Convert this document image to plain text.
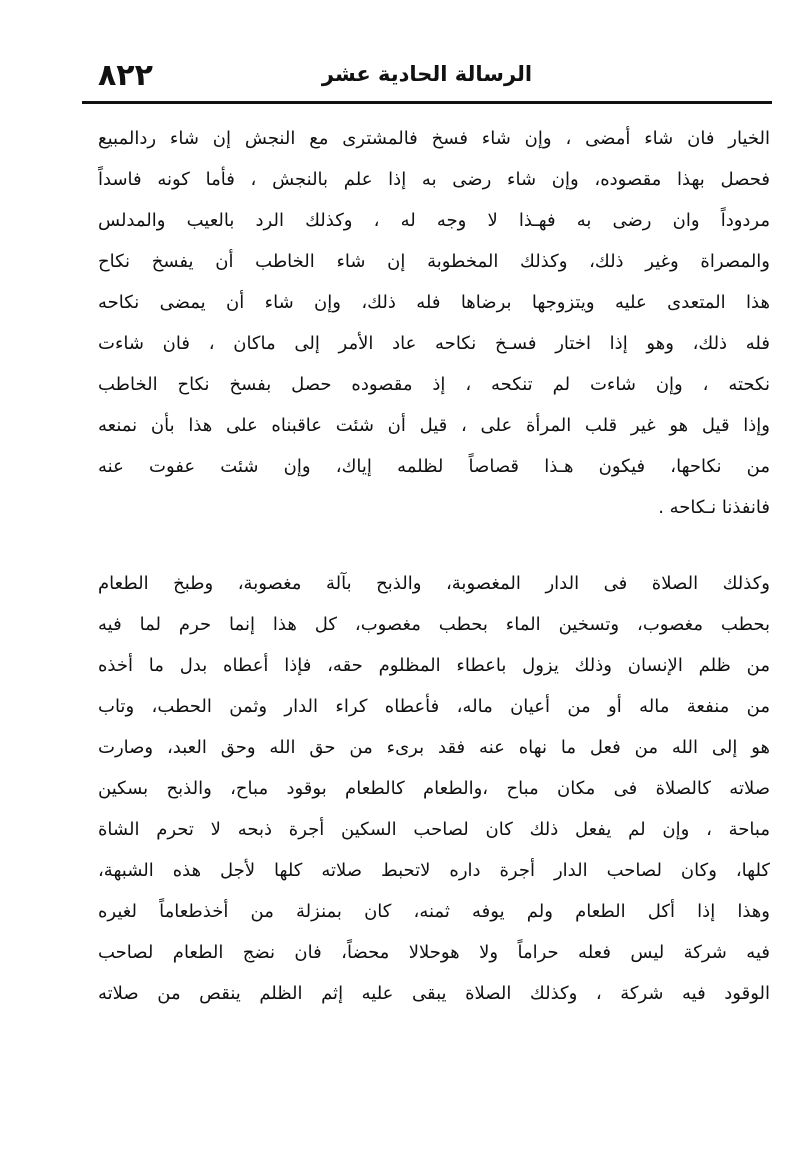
٢٢٨	الرسالة الحادية عشر
الخيار فان شاء أمضى ، وإن شاء فسخ فالمشترى مع النجش إن شاء ردالمبيع
فحصل بهذا مقصوده، وإن شاء رضى به إذا علم بالنجش ، فأما كونه فاسداً
مردوداً وان رضى به فهـذا لا وجه له ، وكذلك الرد بالعيب والمدلس
والمصراة وغير ذلك، وكذلك المخطوبة إن شاء الخاطب أن يفسخ نكاح
هذا المتعدى عليه ويتزوجها برضاها فله ذلك، وإن شاء أن يمضى نكاحه
فله ذلك، وهو إذا اختار فسـخ نكاحه عاد الأمر إلى ماكان ، فان شاءت
نكحته ، وإن شاءت لم تنكحه ، إذ مقصوده حصل بفسخ نكاح الخاطب
وإذا قيل هو غير قلب المرأة على ، قيل أن شئت عاقبناه على هذا بأن نمنعه
من نكاحها، فيكون هـذا قصاصاً لظلمه إياك، وإن شئت عفوت عنه
فانفذنا نـكاحه .
وكذلك الصلاة فى الدار المغصوبة، والذبح بآلة مغصوبة، وطبخ الطعام
بحطب مغصوب، وتسخين الماء بحطب مغصوب، كل هذا إنما حرم لما فيه
من ظلم الإنسان وذلك يزول باعطاء المظلوم حقه، فإذا أعطاه بدل ما أخذه
من منفعة ماله أو من أعيان ماله، فأعطاه كراء الدار وثمن الحطب، وتاب
هو إلى الله من فعل ما نهاه عنه فقد برىء من حق الله وحق العبد، وصارت
صلاته كالصلاة فى مكان مباح ،والطعام كالطعام بوقود مباح، والذبح بسكين
مباحة ، وإن لم يفعل ذلك كان لصاحب السكين أجرة ذبحه لا تحرم الشاة
كلها، وكان لصاحب الدار أجرة داره لاتحبط صلاته كلها لأجل هذه الشبهة،
وهذا إذا أكل الطعام ولم يوفه ثمنه، كان بمنزلة من أخذطعاماً لغيره
فيه شركة ليس فعله حراماً ولا هوحلالا محضاً، فان نضج الطعام لصاحب
الوقود فيه شركة ، وكذلك الصلاة يبقى عليه إثم الظلم ينقص من صلاته
